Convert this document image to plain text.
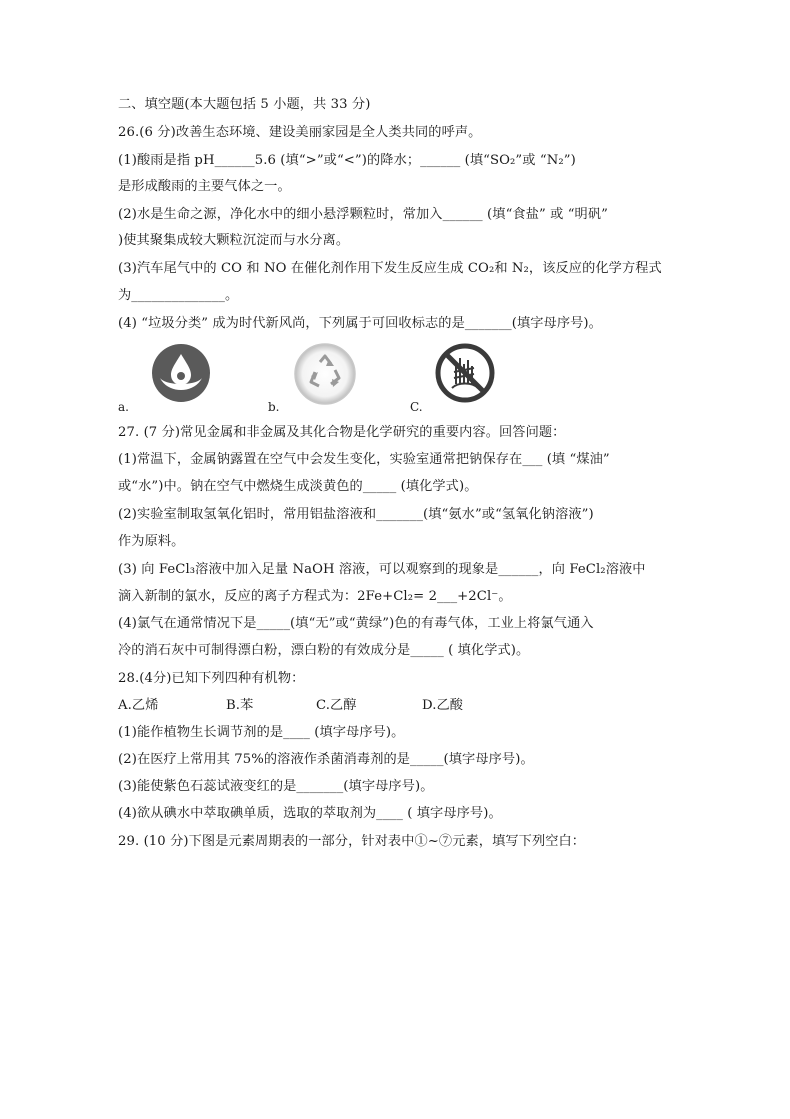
二、填空题(本大题包括 5 小题，共 33 分)
26.(6 分)改善生态环境、建设美丽家园是全人类共同的呼声。
(1)酸雨是指 pH______5.6 (填“>”或“<”)的降水；______ (填“SO₂”或 “N₂”)
是形成酸雨的主要气体之一。
(2)水是生命之源，净化水中的细小悬浮颗粒时，常加入______ (填“食盐” 或 “明矾”
)使其聚集成较大颗粒沉淀而与水分离。
(3)汽车尾气中的 CO 和 NO 在催化剂作用下发生反应生成 CO₂和 N₂，该反应的化学方程式
为______________。
(4) “垃圾分类” 成为时代新风尚，下列属于可回收标志的是_______(填字母序号)。
a.	b.	C.
27. (7 分)常见金属和非金属及其化合物是化学研究的重要内容。回答问题：
(1)常温下，金属钠露置在空气中会发生变化，实验室通常把钠保存在___ (填 “煤油”
或“水”)中。钠在空气中燃烧生成淡黄色的_____ (填化学式)。
(2)实验室制取氢氧化铝时，常用铝盐溶液和_______(填“氨水”或“氢氧化钠溶液”)
作为原料。
(3) 向 FeCl₃溶液中加入足量 NaOH 溶液，可以观察到的现象是______，向 FeCl₂溶液中
滴入新制的氯水，反应的离子方程式为：2Fe+Cl₂= 2___+2Cl⁻。
(4)氯气在通常情况下是_____(填“无”或“黄绿”)色的有毒气体，工业上将氯气通入
冷的消石灰中可制得漂白粉，漂白粉的有效成分是_____ ( 填化学式)。
28.(4分)已知下列四种有机物：
A.乙烯	B.苯	C.乙醇	D.乙酸
(1)能作植物生长调节剂的是____ (填字母序号)。
(2)在医疗上常用其 75%的溶液作杀菌消毒剂的是_____(填字母序号)。
(3)能使紫色石蕊试液变红的是_______(填字母序号)。
(4)欲从碘水中萃取碘单质，选取的萃取剂为____ ( 填字母序号)。
29. (10 分)下图是元素周期表的一部分，针对表中①~⑦元素，填写下列空白：
